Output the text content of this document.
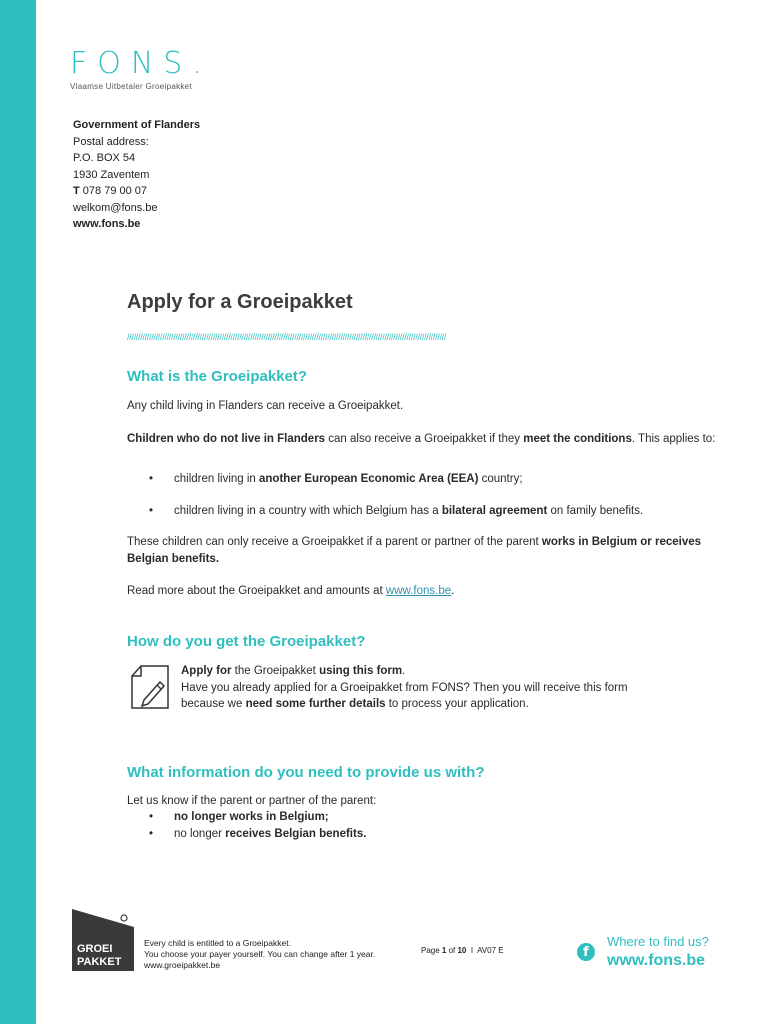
FONS.
Vlaamse Uitbetaler Groeipakket
Government of Flanders
Postal address:
P.O. BOX 54
1930 Zaventem
T 078 79 00 07
welkom@fons.be
www.fons.be
Apply for a Groeipakket
/////////////////////////////////////////////////////////////////////////////////////////////////////////////////////////////////////////////////
What is the Groeipakket?

Any child living in Flanders can receive a Groeipakket.

Children who do not live in Flanders can also receive a Groeipakket if they meet the conditions. This applies to:

• children living in another European Economic Area (EEA) country;
• children living in a country with which Belgium has a bilateral agreement on family benefits.

These children can only receive a Groeipakket if a parent or partner of the parent works in Belgium or receives Belgian benefits.

Read more about the Groeipakket and amounts at www.fons.be.

How do you get the Groeipakket?

Apply for the Groeipakket using this form.

Have you already applied for a Groeipakket from FONS? Then you will receive this form

because we need some further details to process your application.

What information do you need to provide us with?

Let us know if the parent or partner of the parent:

• no longer works in Belgium;
• no longer receives Belgian benefits.
GROEI
PAKKET
Every child is entitled to a Groeipakket.
You choose your payer yourself. You can change after 1 year.
www.groeipakket.be
Page 1 of 10  I  AV07 E	f
Where to find us?
www.fons.be
